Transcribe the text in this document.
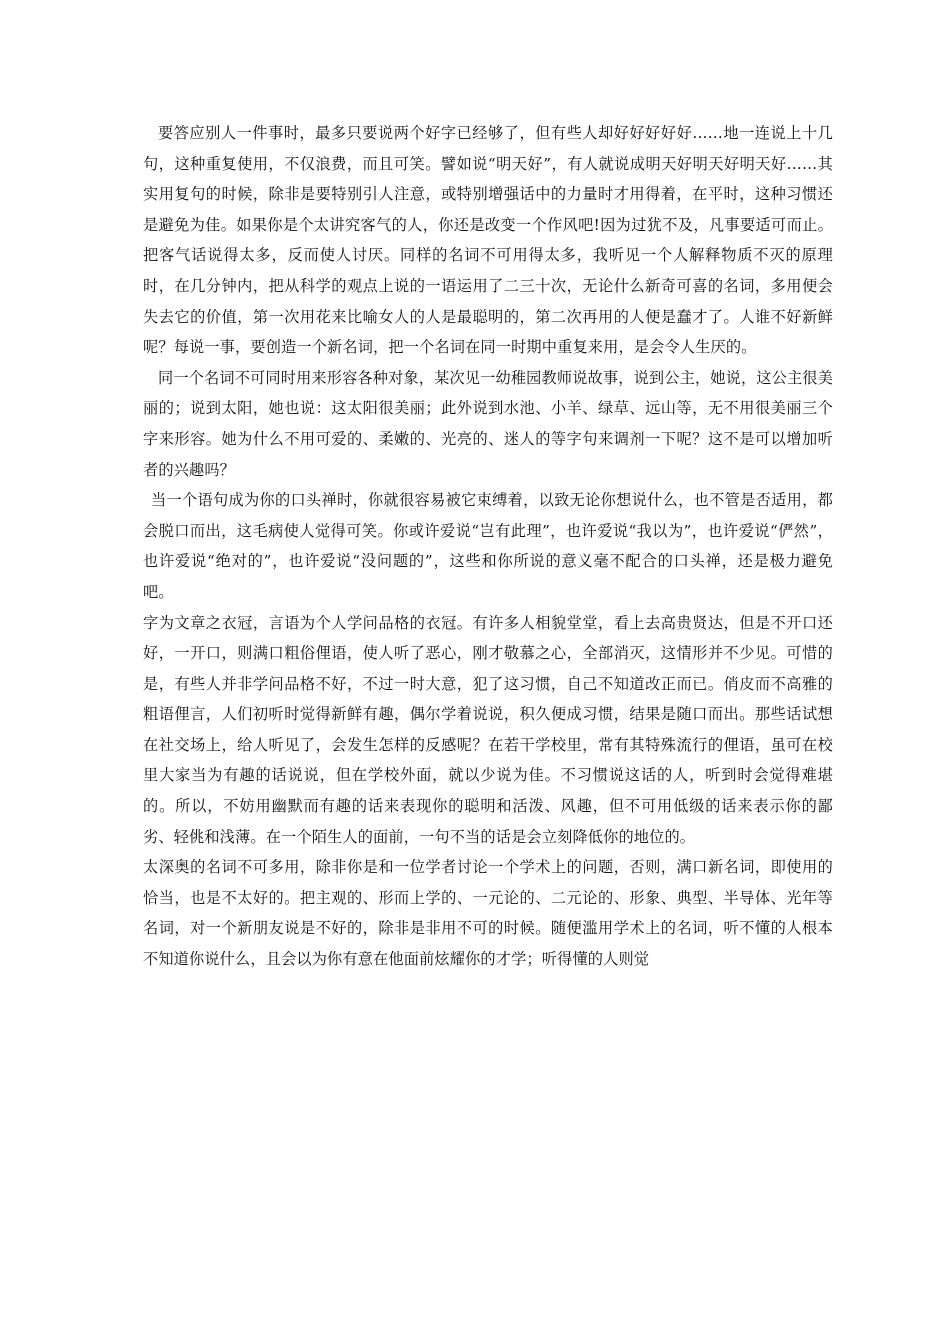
要答应别人一件事时，最多只要说两个好字已经够了，但有些人却好好好好好……地一连说上十几句，这种重复使用，不仅浪费，而且可笑。譬如说“明天好”，有人就说成明天好明天好明天好……其实用复句的时候，除非是要特别引人注意，或特别增强话中的力量时才用得着，在平时，这种习惯还是避免为佳。如果你是个太讲究客气的人，你还是改变一个作风吧!因为过犹不及，凡事要适可而止。把客气话说得太多，反而使人讨厌。同样的名词不可用得太多，我听见一个人解释物质不灭的原理时，在几分钟内，把从科学的观点上说的一语运用了二三十次，无论什么新奇可喜的名词，多用便会失去它的价值，第一次用花来比喻女人的人是最聪明的，第二次再用的人便是蠢才了。人谁不好新鲜呢？每说一事，要创造一个新名词，把一个名词在同一时期中重复来用，是会令人生厌的。

同一个名词不可同时用来形容各种对象，某次见一幼稚园教师说故事，说到公主，她说，这公主很美丽的；说到太阳，她也说：这太阳很美丽；此外说到水池、小羊、绿草、远山等，无不用很美丽三个字来形容。她为什么不用可爱的、柔嫩的、光亮的、迷人的等字句来调剂一下呢？这不是可以增加听者的兴趣吗？

当一个语句成为你的口头禅时，你就很容易被它束缚着，以致无论你想说什么，也不管是否适用，都会脱口而出，这毛病使人觉得可笑。你或许爱说“岂有此理”，也许爱说“我以为”，也许爱说“俨然”，也许爱说“绝对的”，也许爱说“没问题的”，这些和你所说的意义毫不配合的口头禅，还是极力避免吧。

字为文章之衣冠，言语为个人学问品格的衣冠。有许多人相貌堂堂，看上去高贵贤达，但是不开口还好，一开口，则满口粗俗俚语，使人听了恶心，刚才敬慕之心，全部消灭，这情形并不少见。可惜的是，有些人并非学问品格不好，不过一时大意，犯了这习惯，自己不知道改正而已。俏皮而不高雅的粗语俚言，人们初听时觉得新鲜有趣，偶尔学着说说，积久便成习惯，结果是随口而出。那些话试想在社交场上，给人听见了，会发生怎样的反感呢？在若干学校里，常有其特殊流行的俚语，虽可在校里大家当为有趣的话说说，但在学校外面，就以少说为佳。不习惯说这话的人，听到时会觉得难堪的。所以，不妨用幽默而有趣的话来表现你的聪明和活泼、风趣，但不可用低级的话来表示你的鄙劣、轻佻和浅薄。在一个陌生人的面前，一句不当的话是会立刻降低你的地位的。

太深奥的名词不可多用，除非你是和一位学者讨论一个学术上的问题，否则，满口新名词，即使用的恰当，也是不太好的。把主观的、形而上学的、一元论的、二元论的、形象、典型、半导体、光年等名词，对一个新朋友说是不好的，除非是非用不可的时候。随便滥用学术上的名词，听不懂的人根本不知道你说什么，且会以为你有意在他面前炫耀你的才学；听得懂的人则觉
